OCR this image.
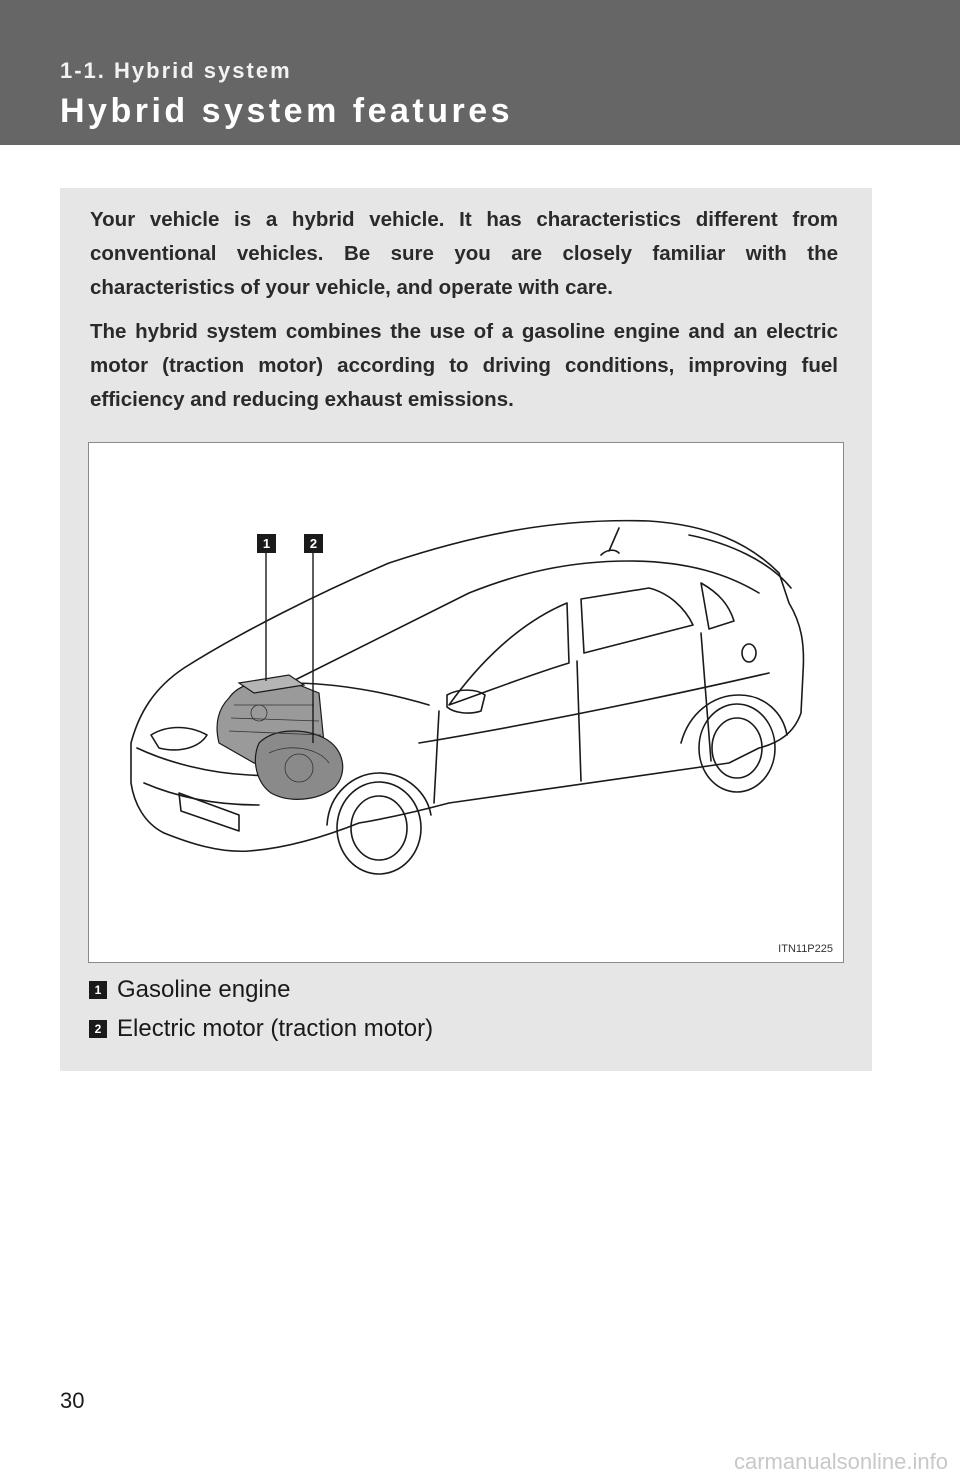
1-1. Hybrid system
Hybrid system features
Your vehicle is a hybrid vehicle. It has characteristics different from conventional vehicles. Be sure you are closely familiar with the characteristics of your vehicle, and operate with care.
The hybrid system combines the use of a gasoline engine and an electric motor (traction motor) according to driving conditions, improving fuel efficiency and reducing exhaust emissions.
1	2
ITN11P225
1 Gasoline engine
2 Electric motor (traction motor)
30
carmanualsonline.info
